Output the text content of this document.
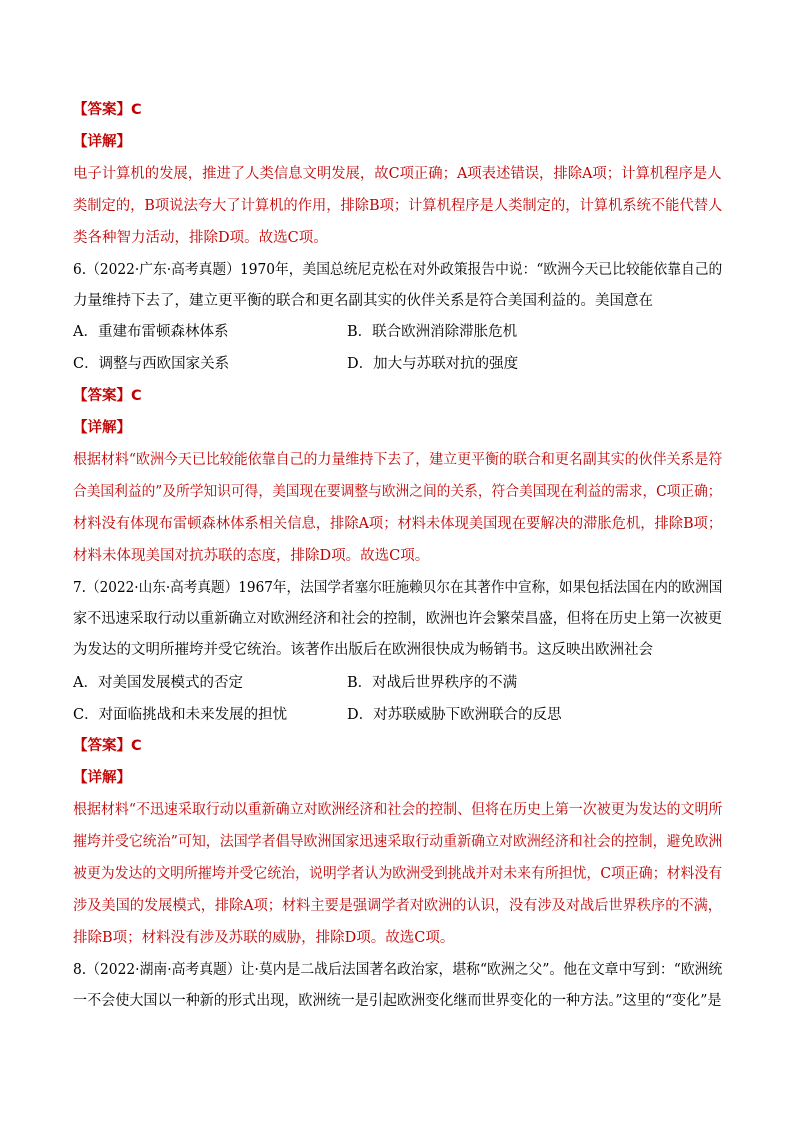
【答案】C
【详解】
电子计算机的发展，推进了人类信息文明发展，故C项正确；A项表述错误，排除A项；计算机程序是人
类制定的，B项说法夸大了计算机的作用，排除B项；计算机程序是人类制定的，计算机系统不能代替人
类各种智力活动，排除D项。故选C项。
6.（2022·广东·高考真题）1970年，美国总统尼克松在对外政策报告中说：“欧洲今天已比较能依靠自己的
力量维持下去了，建立更平衡的联合和更名副其实的伙伴关系是符合美国利益的。美国意在
A．重建布雷顿森林体系	B．联合欧洲消除滞胀危机
C．调整与西欧国家关系	D．加大与苏联对抗的强度
【答案】C
【详解】
根据材料“欧洲今天已比较能依靠自己的力量维持下去了，建立更平衡的联合和更名副其实的伙伴关系是符
合美国利益的”及所学知识可得，美国现在要调整与欧洲之间的关系，符合美国现在利益的需求，C项正确；
材料没有体现布雷顿森林体系相关信息，排除A项；材料未体现美国现在要解决的滞胀危机，排除B项；
材料未体现美国对抗苏联的态度，排除D项。故选C项。
7.（2022·山东·高考真题）1967年，法国学者塞尔旺施赖贝尔在其著作中宣称，如果包括法国在内的欧洲国
家不迅速采取行动以重新确立对欧洲经济和社会的控制，欧洲也许会繁荣昌盛，但将在历史上第一次被更
为发达的文明所摧垮并受它统治。该著作出版后在欧洲很快成为畅销书。这反映出欧洲社会
A．对美国发展模式的否定	B．对战后世界秩序的不满
C．对面临挑战和未来发展的担忧	D．对苏联威胁下欧洲联合的反思
【答案】C
【详解】
根据材料“不迅速采取行动以重新确立对欧洲经济和社会的控制、但将在历史上第一次被更为发达的文明所
摧垮并受它统治”可知，法国学者倡导欧洲国家迅速采取行动重新确立对欧洲经济和社会的控制，避免欧洲
被更为发达的文明所摧垮并受它统治，说明学者认为欧洲受到挑战并对未来有所担忧，C项正确；材料没有
涉及美国的发展模式，排除A项；材料主要是强调学者对欧洲的认识，没有涉及对战后世界秩序的不满，
排除B项；材料没有涉及苏联的威胁，排除D项。故选C项。
8.（2022·湖南·高考真题）让·莫内是二战后法国著名政治家，堪称“欧洲之父”。他在文章中写到：“欧洲统
一不会使大国以一种新的形式出现，欧洲统一是引起欧洲变化继而世界变化的一种方法。”这里的“变化”是
